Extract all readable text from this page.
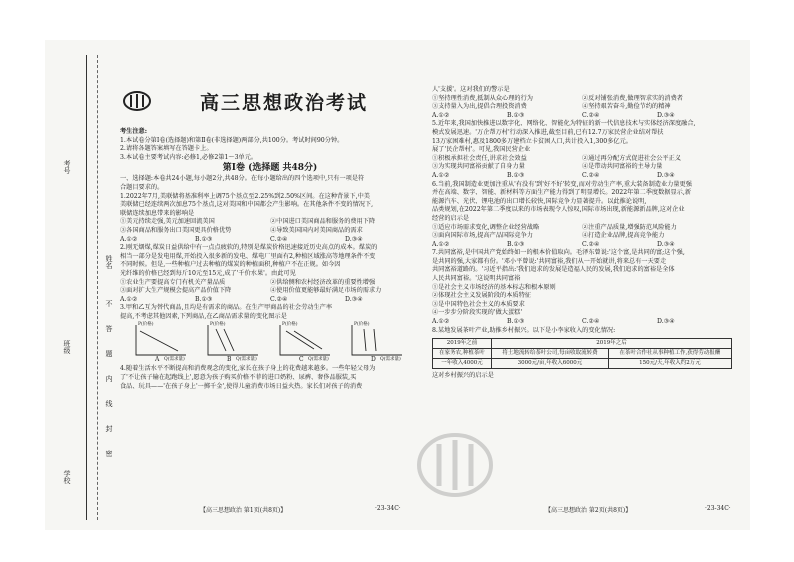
考号
姓名
不
答
题
内
线
封
密
班级
学校
高三思想政治考试

考生注意:

1.本试卷分第Ⅰ卷(选择题)和第Ⅱ卷(非选择题)两部分,共100分。考试时间90分钟。

2.请将各题答案填写在答题卡上。

3.本试卷主要考试内容:必修1,必修2第1～3单元。

第Ⅰ卷 (选择题 共48分)

一、选择题:本卷共24小题,每小题2分,共48分。在每小题给出的四个选项中,只有一项是符

合题目要求的。

1.2022年7月,美联储将基准利率上调75个基点至2.25%到2.50%区间。在这种背景下,中美

美联储已经连续两次加息75个基点,这对美国和中国都会产生影响。在其他条件不变的情况下,

联储连续加息带来的影响是

①美元持续走强,美元加速回流美国	②中国进口美国商品和服务的费用下降
③各国商品和服务出口美国更具价格优势	④导致美国国内对美国商品的需求
A.①②	B.①③	C.②④	D.③④

2.刚无烟煤,煤炭日益供给中有一点点疲软的,特别是煤炭价格迅速接近历史高点的成本。煤炭的

相当一部分是发电用煤,开始投入很多新的发电、煤电厂里面有2,种植区域涨高等地理条件不变

不同时候。但是,一些种植户过去种植的煤炭的种植面积,种植户不在正规。如今因

光纤维的价格已经到每斤10元至15元,成了'千价水果'。由此可见

①农业生产要提高专门有机关产量品质	②供给侧和农村经济改革的重要性增强
③面对扩大生产规模会提高产品价值下降	④使用价值更能够最好满足市场的需求力
A.①②	B.①③	C.②④	D.③④

3.甲和乙互为替代商品,且均是有需求的商品。在生产甲商品的社会劳动生产率

提高,不考虑其他因素,下列商品,在乙商品需求量的变化图示是

P(价格)
Q(需求量)
A
P(价格)
Q(需求量)
B
P(价格)
Q(需求量)
C
P(价格)
Q(需求量)
D

4.随着生活水平不断提高和消费观念的变化,家长在孩子身上的花费越来越多。一些年轻父母为

了'不让孩子输在起跑线上',愿意为孩子购买价格不菲的进口奶粉、尿裤、奢侈品服装,买

食品、玩具——'在孩子身上'一掷千金',使得儿童消费市场日益火热。家长们对孩子的消费

【高三思想政治 第1页(共8页)】	·23-34C·

人'支援'。这对我们的警示是

①坚持理性消费,抵制从众心理的行为	②反对铺张消费,做理智求实的消费者
③支持量入为出,提倡合理投资消费	④坚持艰苦奋斗,勤俭节约的精神
A.①②	B.①③	C.②④	D.③④

5.近年来,我国加快推进以数字化、网络化、智能化为特征的新一代信息技术与实体经济深度融合,

模式发展迅速。'万企帮万村'行动深入推进,截至目前,已有12.7万家民营企业结对帮扶

13万家困难村,惠及1800多万建档立卡贫困人口,共计投入1,300多亿元。

展了'民企帮村'。可见,我国民营企业

①积极承担社会责任,讲求社会效益	②通过再分配方式促进社会公平正义
③为实现共同富裕贡献了自身力量	④是带动共同富裕的主导力量
A.①②	B.①③	C.②④	D.③④

6.当前,我国制造业更加注重从'有没有'到'好不好'转变,而对劳动生产率,重大装备制造业力量更强

并在高端、数字、智能、新材料等方面生产能力得到了明显增长。2022年第二季度数据显示,新

能源汽车、光伏、锂电池的出口增长较快,国际竞争力显著提升。以此推论说明,

品类规划,在2022年第二季度以来的市场表现令人惊叹,国际市场出现,新能源新品牌,这对企业

经营的启示是

①适应市场需求变化,调整企业经营战略	②注重产品质量,增强防范风险能力
③面向国际市场,提高产品国际竞争力	④打造企业品牌,提高竞争能力
A.①②	B.①③	C.②④	D.③④

7.共同富裕,是中国共产党始终如一的根本价值取向。毛泽东曾说:'这个富,是共同的富;这个强,

是共同的强,大家都有份。'邓小平曾说:'共同富裕,我们从一开始就讲,将来总有一天要走

共同富裕道路的。'习近平指出:'我们追求的发展是造福人民的发展,我们追求的富裕是全体

人民共同富裕。'这说明共同富裕

①是社会主义市场经济的基本标志和根本原则

②体现社会主义发展阶段的本质特征

③是中国特色社会主义的本质要求

④一步步分阶段实现的'做大蛋糕'

A.①②	B.①③	C.②④	D.③④

8.某地发展茶叶产业,助推乡村振兴。以下是小李家收入的变化情况:

2019年之前	2019年之后	
在家务农,种植茶叶	将土地流转给茶叶公司,每亩收取流转费	在茶叶合作社从事种植工作,获得劳动报酬
一年收入4000元	3000元/亩,年收入6000元	150元/天,年收入约2万元

这对乡村振兴的启示是

【高三思想政治 第2页(共8页)】	·23-34C·
